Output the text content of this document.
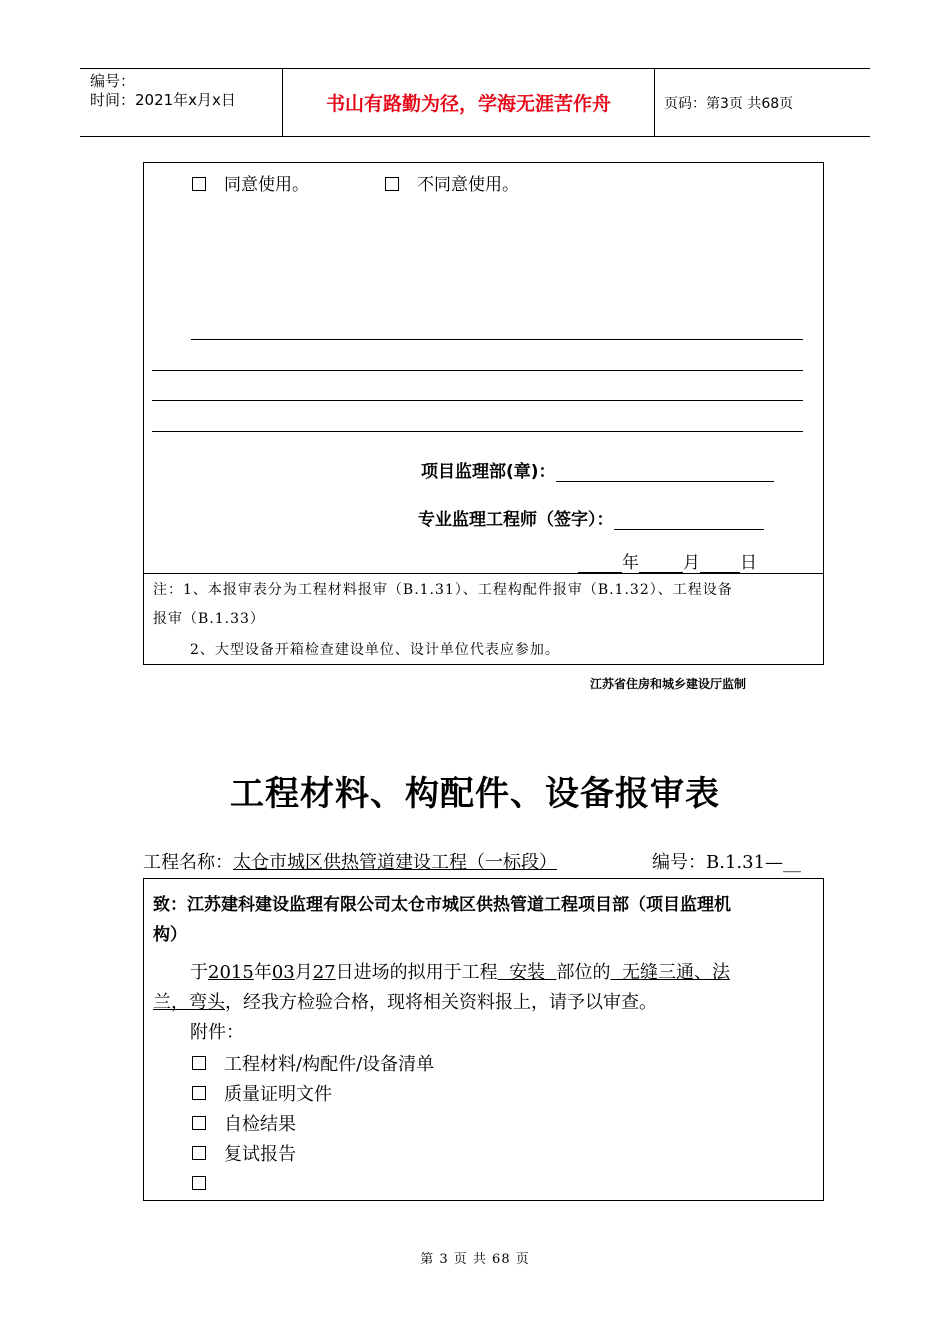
编号：
时间：2021年x月x日	书山有路勤为径，学海无涯苦作舟	页码：第3页 共68页
同意使用。	不同意使用。
项目监理部(章)：
专业监理工程师（签字）：
年	月 日
注：1、本报审表分为工程材料报审（B.1.31）、工程构配件报审（B.1.32）、工程设备
报审（B.1.33）
2、大型设备开箱检查建设单位、设计单位代表应参加。
江苏省住房和城乡建设厅监制
工程材料、构配件、设备报审表
工程名称：太仓市城区供热管道建设工程（一标段）	编号：B.1.31—__
致：江苏建科建设监理有限公司太仓市城区供热管道工程项目部（项目监理机
构）
于2015年03月27日进场的拟用于工程  安装  部位的  无缝三通、法
兰，弯头，经我方检验合格，现将相关资料报上，请予以审查。
附件：
工程材料/构配件/设备清单
质量证明文件
自检结果
复试报告
第 3 页 共 68 页
